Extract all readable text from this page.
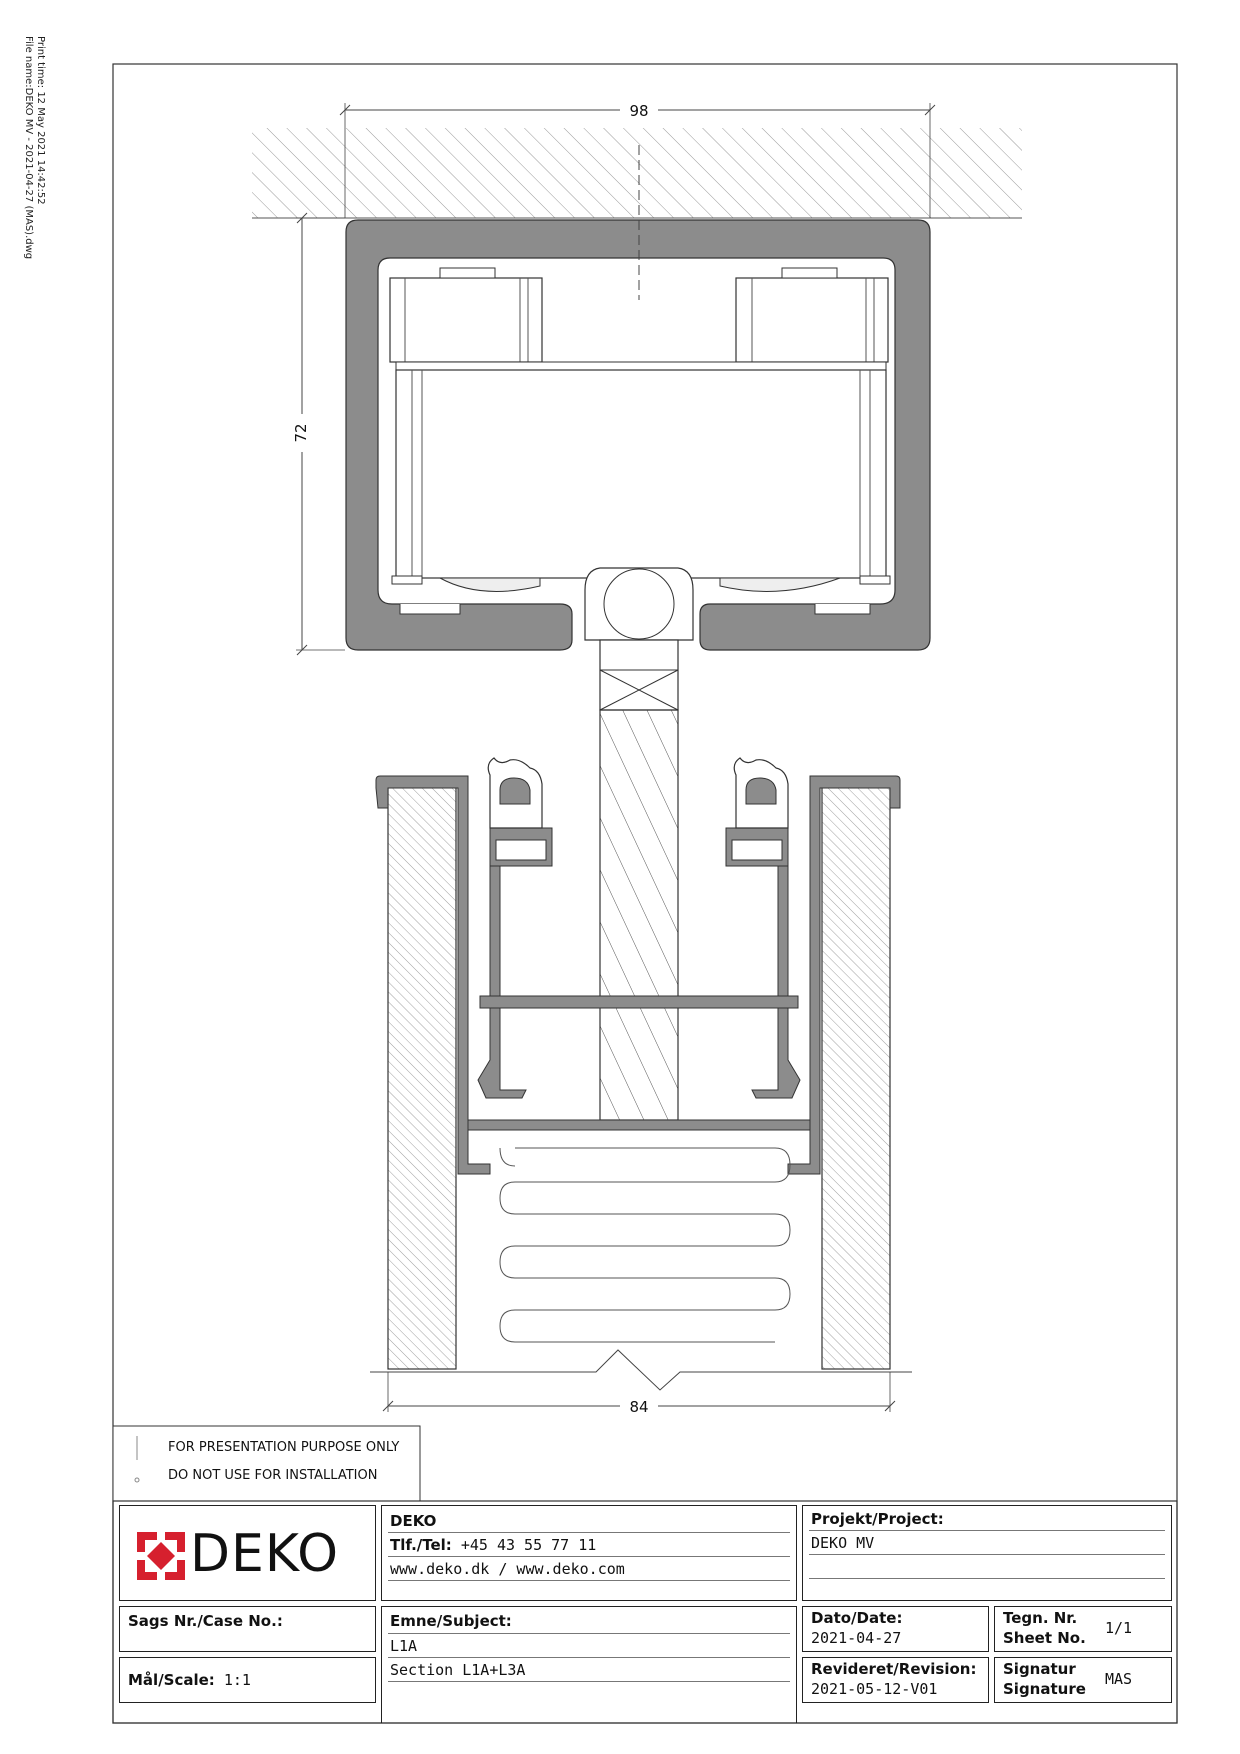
Print time: 12 May 2021 14:42:52
File name:DEKO MV - 2021-04-27 (MAS).dwg	98
72
84
FOR PRESENTATION PURPOSE ONLY
DO NOT USE FOR INSTALLATION
DEKO
DEKO
Tlf./Tel: +45 43 55 77 11
www.deko.dk / www.deko.com
Projekt/Project:
DEKO MV
Sags Nr./Case No.:	Emne/Subject:
L1A
Section L1A+L3A
Dato/Date:
2021-04-27
Tegn. Nr.
Sheet No.
1/1
Mål/Scale: 1:1
Revideret/Revision:
2021-05-12-V01
Signatur
Signature
MAS
